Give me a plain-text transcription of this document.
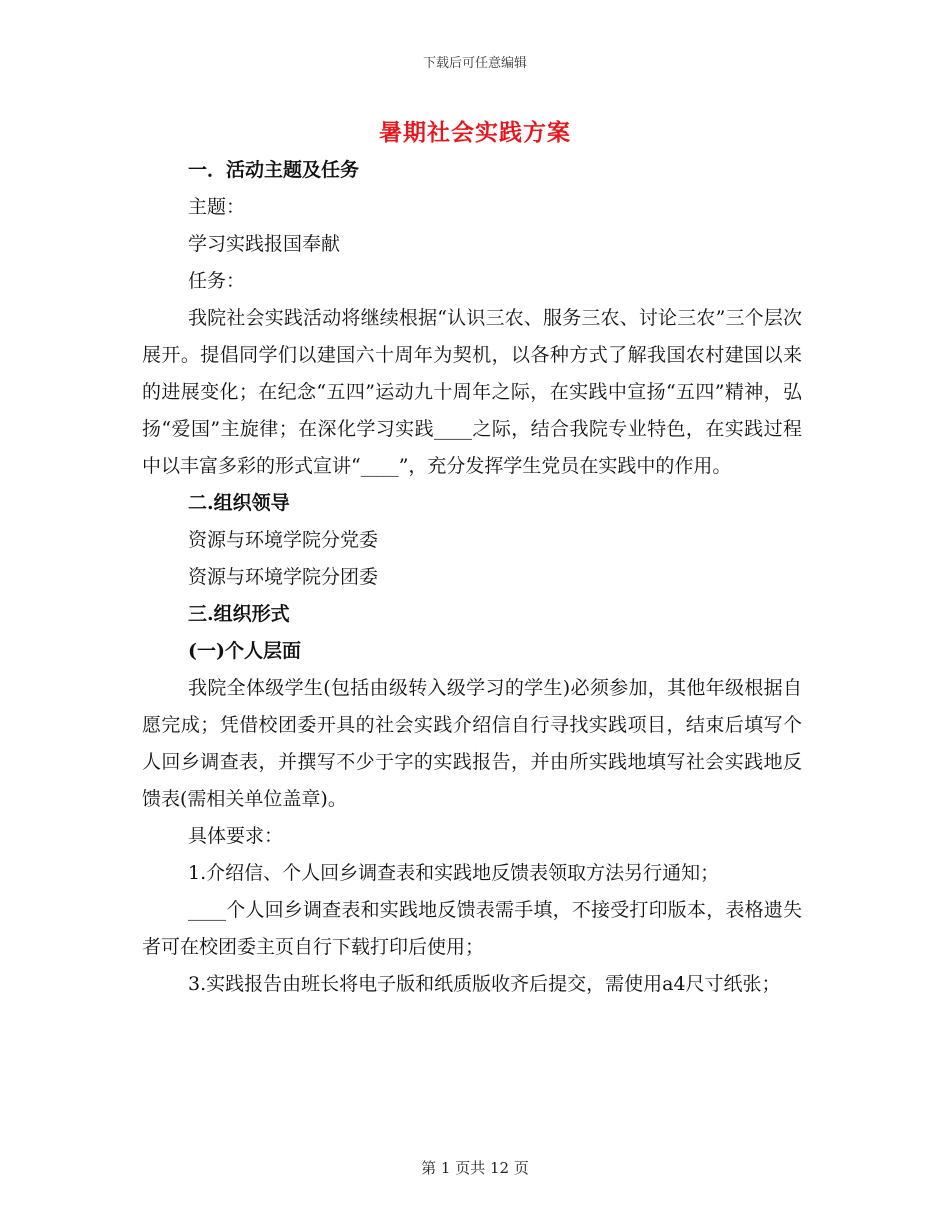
下载后可任意编辑
暑期社会实践方案

一．活动主题及任务

主题：

学习实践报国奉献

任务：

我院社会实践活动将继续根据“认识三农、服务三农、讨论三农”三个层次展开。提倡同学们以建国六十周年为契机，以各种方式了解我国农村建国以来的进展变化；在纪念“五四”运动九十周年之际，在实践中宣扬“五四”精神，弘扬“爱国”主旋律；在深化学习实践____之际，结合我院专业特色，在实践过程中以丰富多彩的形式宣讲“____”，充分发挥学生党员在实践中的作用。

二.组织领导

资源与环境学院分党委

资源与环境学院分团委

三.组织形式

(一)个人层面

我院全体级学生(包括由级转入级学习的学生)必须参加，其他年级根据自愿完成；凭借校团委开具的社会实践介绍信自行寻找实践项目，结束后填写个人回乡调查表，并撰写不少于字的实践报告，并由所实践地填写社会实践地反馈表(需相关单位盖章)。

具体要求：

1.介绍信、个人回乡调查表和实践地反馈表领取方法另行通知；

____个人回乡调查表和实践地反馈表需手填，不接受打印版本，表格遗失者可在校团委主页自行下载打印后使用；

3.实践报告由班长将电子版和纸质版收齐后提交，需使用a4尺寸纸张；

第 1 页共 12 页
